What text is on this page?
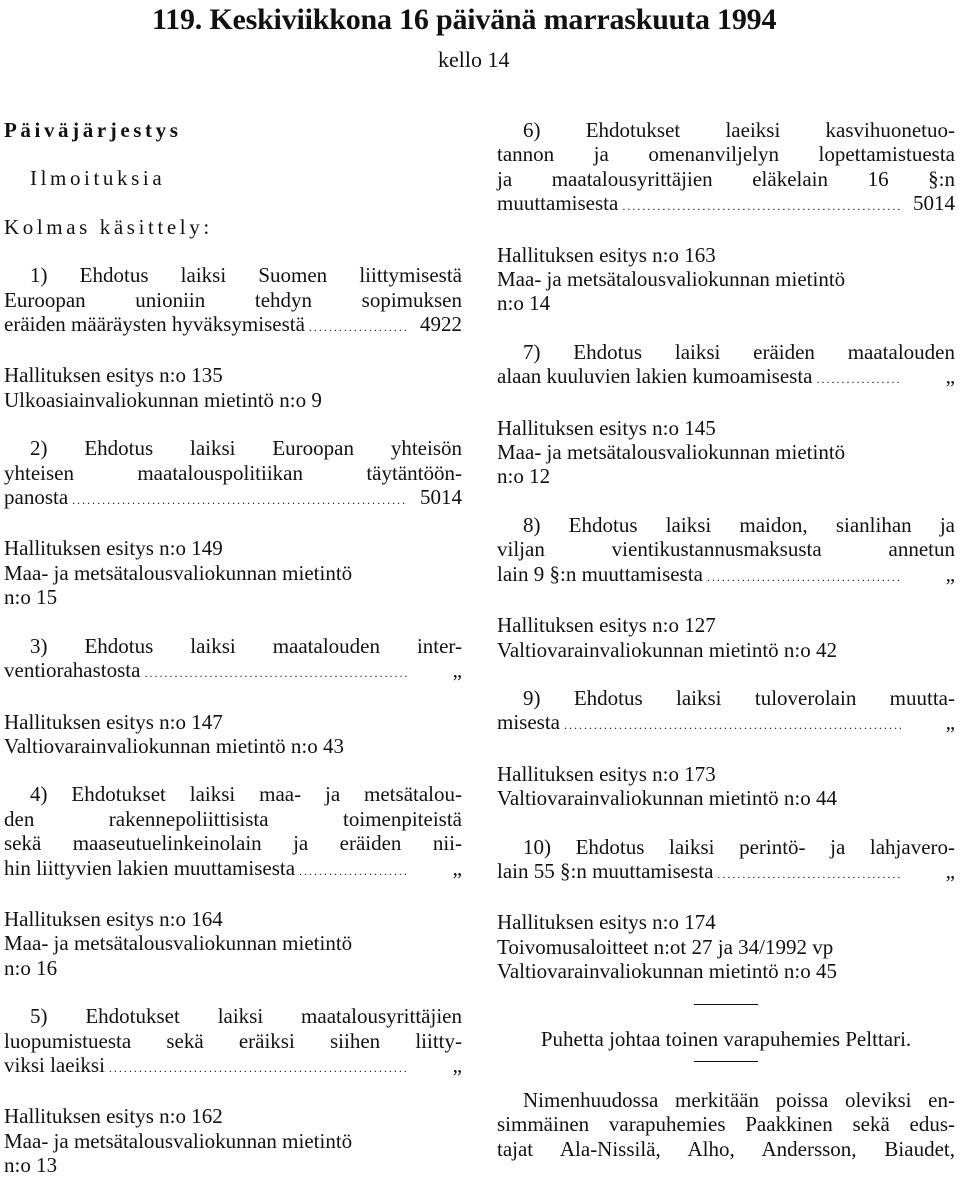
119. Keskiviikkona 16 päivänä marraskuuta 1994
kello 14
Päiväjärjestys
Ilmoituksia
Kolmas käsittely:
1) Ehdotus laiksi Suomen liittymisestä
Euroopan unioniin tehdyn sopimuksen
eräiden määräysten hyväksymisestä .....	4922
Hallituksen esitys n:o 135
Ulkoasiainvaliokunnan mietintö n:o 9
2) Ehdotus laiksi Euroopan yhteisön
yhteisen maatalouspolitiikan täytäntöön-
panosta .....	5014
Hallituksen esitys n:o 149
Maa- ja metsätalousvaliokunnan mietintö
n:o 15
3) Ehdotus laiksi maatalouden inter-
ventiorahastosta .....	„
Hallituksen esitys n:o 147
Valtiovarainvaliokunnan mietintö n:o 43
4) Ehdotukset laiksi maa- ja metsätalou-
den rakennepoliittisista toimenpiteistä
sekä maaseutuelinkeinolain ja eräiden nii-
hin liittyvien lakien muuttamisesta .....	„
Hallituksen esitys n:o 164
Maa- ja metsätalousvaliokunnan mietintö
n:o 16
5) Ehdotukset laiksi maatalousyrittäjien
luopumistuesta sekä eräiksi siihen liitty-
viksi laeiksi .....	„
Hallituksen esitys n:o 162
Maa- ja metsätalousvaliokunnan mietintö
n:o 13
6) Ehdotukset laeiksi kasvihuonetuo-
tannon ja omenanviljelyn lopettamistuesta
ja maatalousyrittäjien eläkelain 16 §:n
muuttamisesta .....	5014
Hallituksen esitys n:o 163
Maa- ja metsätalousvaliokunnan mietintö
n:o 14
7) Ehdotus laiksi eräiden maatalouden
alaan kuuluvien lakien kumoamisesta .....	„
Hallituksen esitys n:o 145
Maa- ja metsätalousvaliokunnan mietintö
n:o 12
8) Ehdotus laiksi maidon, sianlihan ja
viljan vientikustannusmaksusta annetun
lain 9 §:n muuttamisesta .....	„
Hallituksen esitys n:o 127
Valtiovarainvaliokunnan mietintö n:o 42
9) Ehdotus laiksi tuloverolain muutta-
misesta .....	„
Hallituksen esitys n:o 173
Valtiovarainvaliokunnan mietintö n:o 44
10) Ehdotus laiksi perintö- ja lahjavero-
lain 55 §:n muuttamisesta .....	„
Hallituksen esitys n:o 174
Toivomusaloitteet n:ot 27 ja 34/1992 vp
Valtiovarainvaliokunnan mietintö n:o 45
Puhetta johtaa toinen varapuhemies Pelttari.
Nimenhuudossa merkitään poissa oleviksi en-
simmäinen varapuhemies Paakkinen sekä edus-
tajat Ala-Nissilä, Alho, Andersson, Biaudet,
